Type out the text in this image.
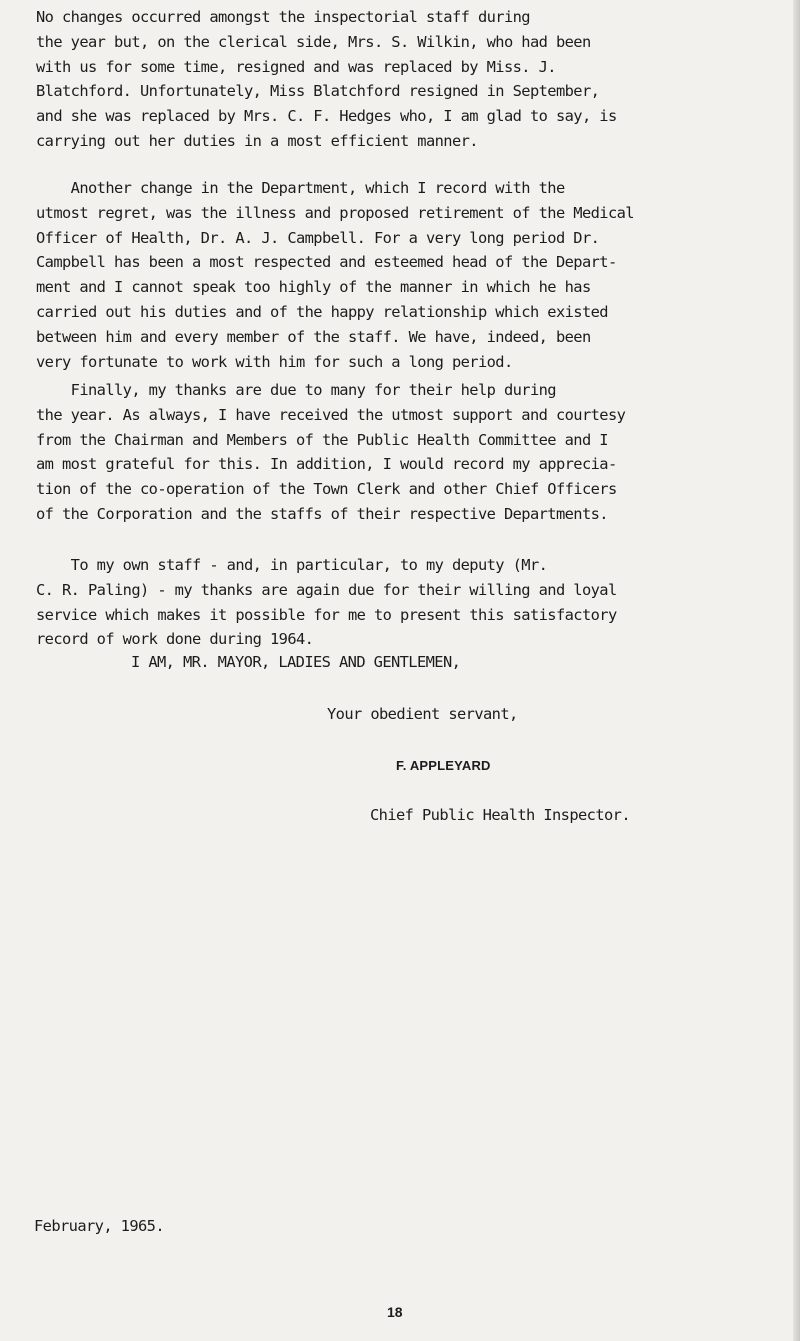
No changes occurred amongst the inspectorial staff during
the year but, on the clerical side, Mrs. S. Wilkin, who had been
with us for some time, resigned and was replaced by Miss. J.
Blatchford. Unfortunately, Miss Blatchford resigned in September,
and she was replaced by Mrs. C. F. Hedges who, I am glad to say, is
carrying out her duties in a most efficient manner.

Another change in the Department, which I record with the
utmost regret, was the illness and proposed retirement of the Medical
Officer of Health, Dr. A. J. Campbell. For a very long period Dr.
Campbell has been a most respected and esteemed head of the Depart-
ment and I cannot speak too highly of the manner in which he has
carried out his duties and of the happy relationship which existed
between him and every member of the staff. We have, indeed, been
very fortunate to work with him for such a long period.

Finally, my thanks are due to many for their help during
the year. As always, I have received the utmost support and courtesy
from the Chairman and Members of the Public Health Committee and I
am most grateful for this. In addition, I would record my apprecia-
tion of the co-operation of the Town Clerk and other Chief Officers
of the Corporation and the staffs of their respective Departments.

To my own staff - and, in particular, to my deputy (Mr.
C. R. Paling) - my thanks are again due for their willing and loyal
service which makes it possible for me to present this satisfactory
record of work done during 1964.

I AM, MR. MAYOR, LADIES AND GENTLEMEN,

Your obedient servant,

F. APPLEYARD

Chief Public Health Inspector.

February, 1965.

18
